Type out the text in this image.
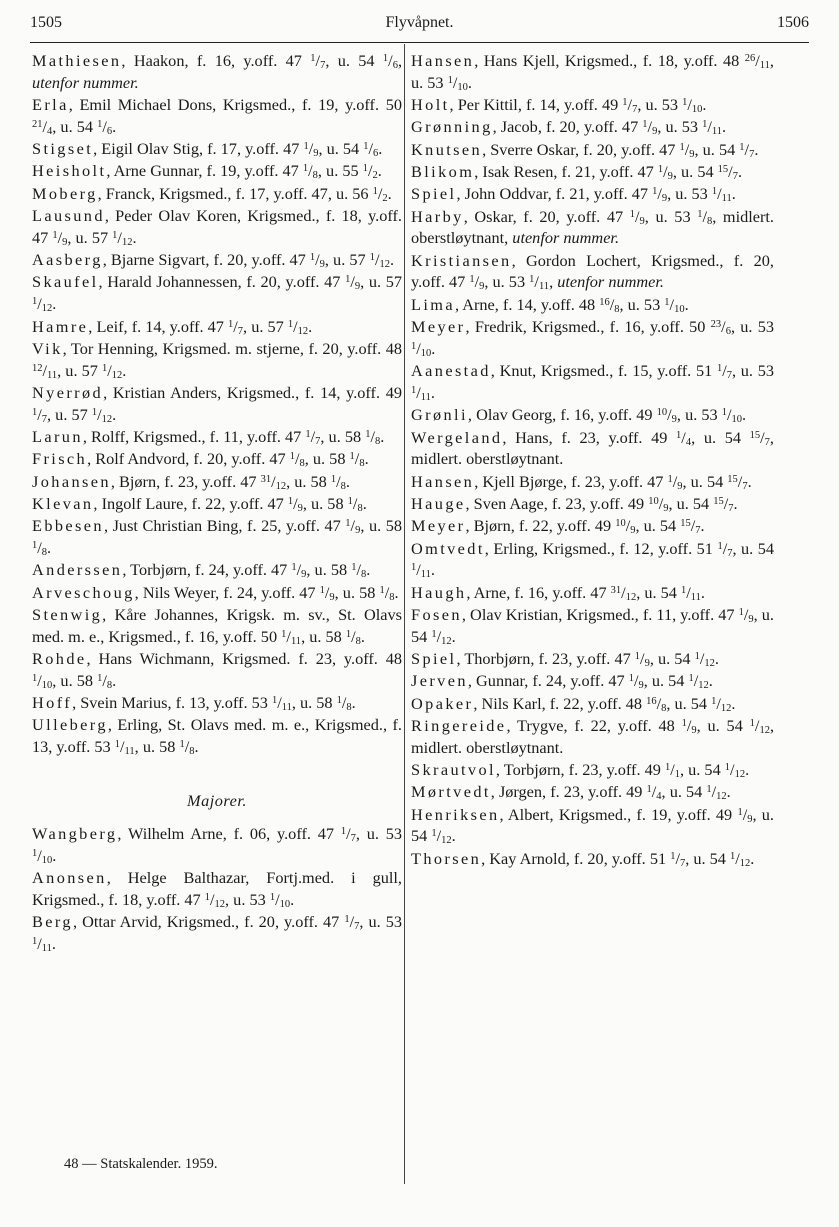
1505	Flyvåpnet.	1506
Mathiesen, Haakon, f. 16, y.off. 47 $^1/_7$, u. 54 $^1/_6$, utenfor nummer.
Erla, Emil Michael Dons, Krigsmed., f. 19, y.off. 50 $^{21}/_4$, u. 54 $^1/_6$.
Stigset, Eigil Olav Stig, f. 17, y.off. 47 $^1/_9$, u. 54 $^1/_6$.
Heisholt, Arne Gunnar, f. 19, y.off. 47 $^1/_8$, u. 55 $^1/_2$.
Moberg, Franck, Krigsmed., f. 17, y.off. 47, u. 56 $^1/_2$.
Lausund, Peder Olav Koren, Krigsmed., f. 18, y.off. 47 $^1/_9$, u. 57 $^1/_{12}$.
Aasberg, Bjarne Sigvart, f. 20, y.off. 47 $^1/_9$, u. 57 $^1/_{12}$.
Skaufel, Harald Johannessen, f. 20, y.off. 47 $^1/_9$, u. 57 $^1/_{12}$.
Hamre, Leif, f. 14, y.off. 47 $^1/_7$, u. 57 $^1/_{12}$.
Vik, Tor Henning, Krigsmed. m. stjerne, f. 20, y.off. 48 $^{12}/_{11}$, u. 57 $^1/_{12}$.
Nyerrød, Kristian Anders, Krigsmed., f. 14, y.off. 49 $^1/_7$, u. 57 $^1/_{12}$.
Larun, Rolff, Krigsmed., f. 11, y.off. 47 $^1/_7$, u. 58 $^1/_8$.
Frisch, Rolf Andvord, f. 20, y.off. 47 $^1/_8$, u. 58 $^1/_8$.
Johansen, Bjørn, f. 23, y.off. 47 $^{31}/_{12}$, u. 58 $^1/_8$.
Klevan, Ingolf Laure, f. 22, y.off. 47 $^1/_9$, u. 58 $^1/_8$.
Ebbesen, Just Christian Bing, f. 25, y.off. 47 $^1/_9$, u. 58 $^1/_8$.
Anderssen, Torbjørn, f. 24, y.off. 47 $^1/_9$, u. 58 $^1/_8$.
Arveschoug, Nils Weyer, f. 24, y.off. 47 $^1/_9$, u. 58 $^1/_8$.
Stenwig, Kåre Johannes, Krigsk. m. sv., St. Olavs med. m. e., Krigsmed., f. 16, y.off. 50 $^1/_{11}$, u. 58 $^1/_8$.
Rohde, Hans Wichmann, Krigsmed. f. 23, y.off. 48 $^1/_{10}$, u. 58 $^1/_8$.
Hoff, Svein Marius, f. 13, y.off. 53 $^1/_{11}$, u. 58 $^1/_8$.
Ulleberg, Erling, St. Olavs med. m. e., Krigsmed., f. 13, y.off. 53 $^1/_{11}$, u. 58 $^1/_8$.
Majorer.
Wangberg, Wilhelm Arne, f. 06, y.off. 47 $^1/_7$, u. 53 $^1/_{10}$.
Anonsen, Helge Balthazar, Fortj.med. i gull, Krigsmed., f. 18, y.off. 47 $^1/_{12}$, u. 53 $^1/_{10}$.
Berg, Ottar Arvid, Krigsmed., f. 20, y.off. 47 $^1/_7$, u. 53 $^1/_{11}$.
Hansen, Hans Kjell, Krigsmed., f. 18, y.off. 48 $^{26}/_{11}$, u. 53 $^1/_{10}$.
Holt, Per Kittil, f. 14, y.off. 49 $^1/_7$, u. 53 $^1/_{10}$.
Grønning, Jacob, f. 20, y.off. 47 $^1/_9$, u. 53 $^1/_{11}$.
Knutsen, Sverre Oskar, f. 20, y.off. 47 $^1/_9$, u. 54 $^1/_7$.
Blikom, Isak Resen, f. 21, y.off. 47 $^1/_9$, u. 54 $^{15}/_7$.
Spiel, John Oddvar, f. 21, y.off. 47 $^1/_9$, u. 53 $^1/_{11}$.
Harby, Oskar, f. 20, y.off. 47 $^1/_9$, u. 53 $^1/_8$, midlert. oberstløytnant, utenfor nummer.
Kristiansen, Gordon Lochert, Krigsmed., f. 20, y.off. 47 $^1/_9$, u. 53 $^1/_{11}$, utenfor nummer.
Lima, Arne, f. 14, y.off. 48 $^{16}/_8$, u. 53 $^1/_{10}$.
Meyer, Fredrik, Krigsmed., f. 16, y.off. 50 $^{23}/_6$, u. 53 $^1/_{10}$.
Aanestad, Knut, Krigsmed., f. 15, y.off. 51 $^1/_7$, u. 53 $^1/_{11}$.
Grønli, Olav Georg, f. 16, y.off. 49 $^{10}/_9$, u. 53 $^1/_{10}$.
Wergeland, Hans, f. 23, y.off. 49 $^1/_4$, u. 54 $^{15}/_7$, midlert. oberstløytnant.
Hansen, Kjell Bjørge, f. 23, y.off. 47 $^1/_9$, u. 54 $^{15}/_7$.
Hauge, Sven Aage, f. 23, y.off. 49 $^{10}/_9$, u. 54 $^{15}/_7$.
Meyer, Bjørn, f. 22, y.off. 49 $^{10}/_9$, u. 54 $^{15}/_7$.
Omtvedt, Erling, Krigsmed., f. 12, y.off. 51 $^1/_7$, u. 54 $^1/_{11}$.
Haugh, Arne, f. 16, y.off. 47 $^{31}/_{12}$, u. 54 $^1/_{11}$.
Fosen, Olav Kristian, Krigsmed., f. 11, y.off. 47 $^1/_9$, u. 54 $^1/_{12}$.
Spiel, Thorbjørn, f. 23, y.off. 47 $^1/_9$, u. 54 $^1/_{12}$.
Jerven, Gunnar, f. 24, y.off. 47 $^1/_9$, u. 54 $^1/_{12}$.
Opaker, Nils Karl, f. 22, y.off. 48 $^{16}/_8$, u. 54 $^1/_{12}$.
Ringereide, Trygve, f. 22, y.off. 48 $^1/_9$, u. 54 $^1/_{12}$, midlert. oberstløytnant.
Skrautvol, Torbjørn, f. 23, y.off. 49 $^1/_1$, u. 54 $^1/_{12}$.
Mørtvedt, Jørgen, f. 23, y.off. 49 $^1/_4$, u. 54 $^1/_{12}$.
Henriksen, Albert, Krigsmed., f. 19, y.off. 49 $^1/_9$, u. 54 $^1/_{12}$.
Thorsen, Kay Arnold, f. 20, y.off. 51 $^1/_7$, u. 54 $^1/_{12}$.
48 — Statskalender. 1959.
